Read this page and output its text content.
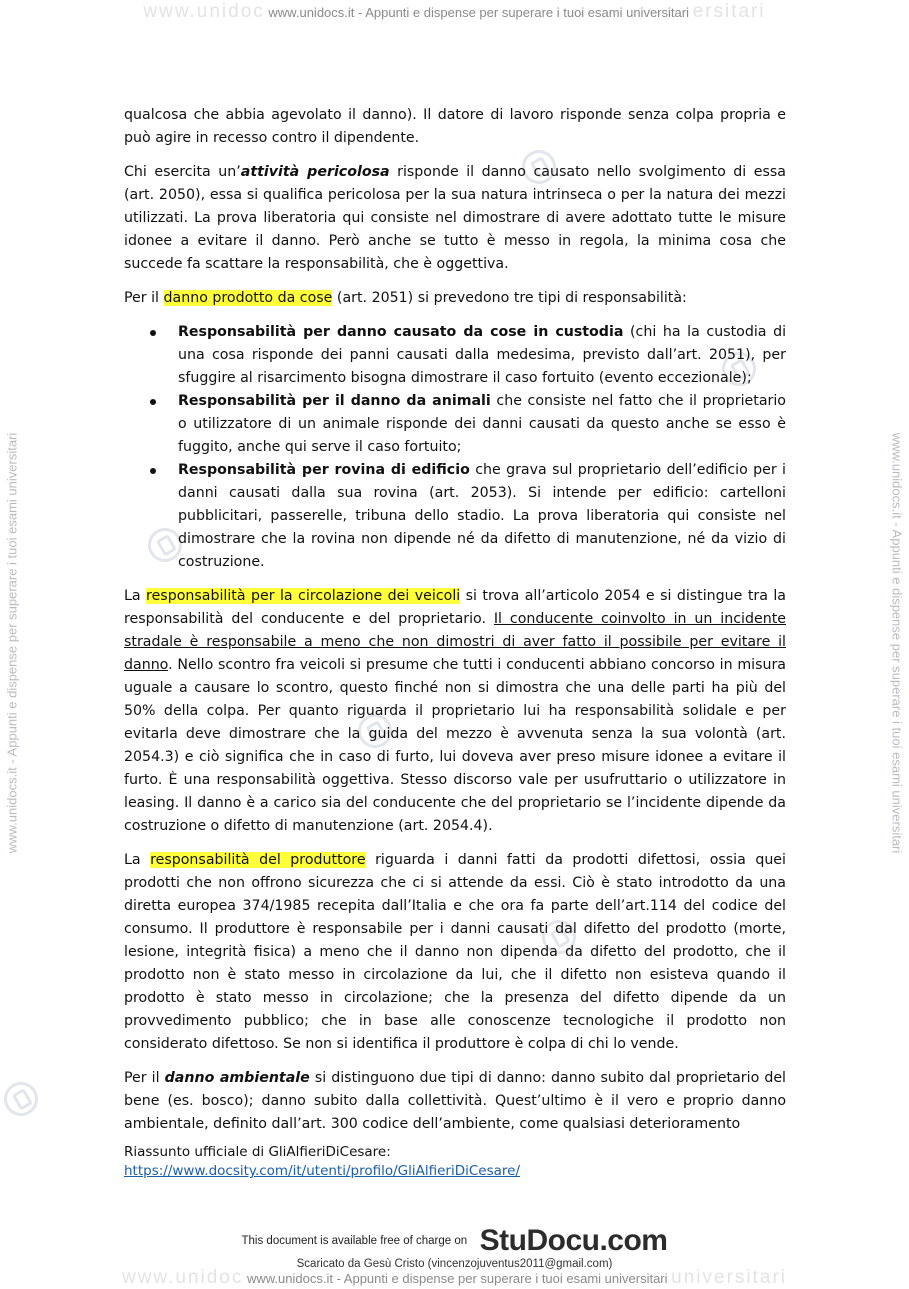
www.unidoc www.unidocs.it - Appunti e dispense per superare i tuoi esami universitari ersitari
www.unidocs.it - Appunti e dispense per superare i tuoi esami universitari	www.unidocs.it - Appunti e dispense per superare i tuoi esami universitari

qualcosa che abbia agevolato il danno). Il datore di lavoro risponde senza colpa propria e può agire in recesso contro il dipendente.

Chi esercita un’attività pericolosa risponde il danno causato nello svolgimento di essa (art. 2050), essa si qualifica pericolosa per la sua natura intrinseca o per la natura dei mezzi utilizzati. La prova liberatoria qui consiste nel dimostrare di avere adottato tutte le misure idonee a evitare il danno. Però anche se tutto è messo in regola, la minima cosa che succede fa scattare la responsabilità, che è oggettiva.

Per il danno prodotto da cose (art. 2051) si prevedono tre tipi di responsabilità:

Responsabilità per danno causato da cose in custodia (chi ha la custodia di una cosa risponde dei panni causati dalla medesima, previsto dall’art. 2051), per sfuggire al risarcimento bisogna dimostrare il caso fortuito (evento eccezionale);
Responsabilità per il danno da animali che consiste nel fatto che il proprietario o utilizzatore di un animale risponde dei danni causati da questo anche se esso è fuggito, anche qui serve il caso fortuito;
Responsabilità per rovina di edificio che grava sul proprietario dell’edificio per i danni causati dalla sua rovina (art. 2053). Si intende per edificio: cartelloni pubblicitari, passerelle, tribuna dello stadio. La prova liberatoria qui consiste nel dimostrare che la rovina non dipende né da difetto di manutenzione, né da vizio di costruzione.

La responsabilità per la circolazione dei veicoli si trova all’articolo 2054 e si distingue tra la responsabilità del conducente e del proprietario. Il conducente coinvolto in un incidente stradale è responsabile a meno che non dimostri di aver fatto il possibile per evitare il danno. Nello scontro fra veicoli si presume che tutti i conducenti abbiano concorso in misura uguale a causare lo scontro, questo finché non si dimostra che una delle parti ha più del 50% della colpa. Per quanto riguarda il proprietario lui ha responsabilità solidale e per evitarla deve dimostrare che la guida del mezzo è avvenuta senza la sua volontà (art. 2054.3) e ciò significa che in caso di furto, lui doveva aver preso misure idonee a evitare il furto. È una responsabilità oggettiva. Stesso discorso vale per usufruttario o utilizzatore in leasing. Il danno è a carico sia del conducente che del proprietario se l’incidente dipende da costruzione o difetto di manutenzione (art. 2054.4).

La responsabilità del produttore riguarda i danni fatti da prodotti difettosi, ossia quei prodotti che non offrono sicurezza che ci si attende da essi. Ciò è stato introdotto da una diretta europea 374/1985 recepita dall’Italia e che ora fa parte dell’art.114 del codice del consumo. Il produttore è responsabile per i danni causati dal difetto del prodotto (morte, lesione, integrità fisica) a meno che il danno non dipenda da difetto del prodotto, che il prodotto non è stato messo in circolazione da lui, che il difetto non esisteva quando il prodotto è stato messo in circolazione; che la presenza del difetto dipende da un provvedimento pubblico; che in base alle conoscenze tecnologiche il prodotto non considerato difettoso. Se non si identifica il produttore è colpa di chi lo vende.

Per il danno ambientale si distinguono due tipi di danno: danno subito dal proprietario del bene (es. bosco); danno subito dalla collettività. Quest’ultimo è il vero e proprio danno ambientale, definito dall’art. 300 codice dell’ambiente, come qualsiasi deterioramento

Riassunto ufficiale di GliAlfieriDiCesare:
https://www.docsity.com/it/utenti/profilo/GliAlfieriDiCesare/
This document is available free of charge on StuDocu.com
Scaricato da Gesù Cristo (vincenzojuventus2011@gmail.com)
www.unidoc www.unidocs.it - Appunti e dispense per superare i tuoi esami universitari universitari
